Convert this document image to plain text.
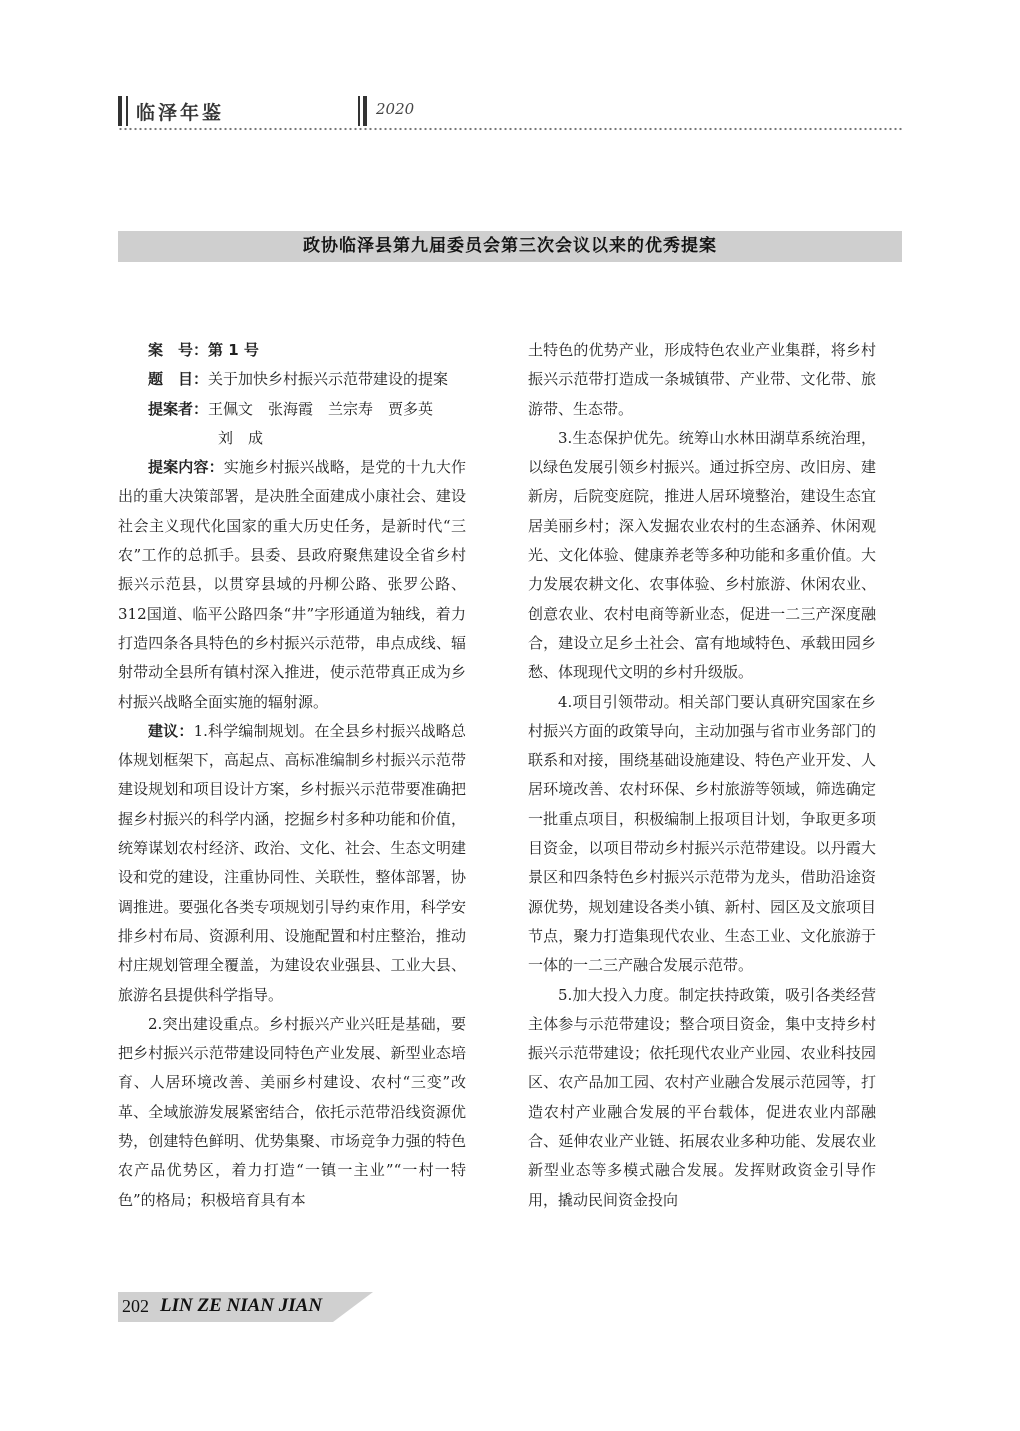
临泽年鉴	2020
政协临泽县第九届委员会第三次会议以来的优秀提案

案　号：第 1 号

题　目：关于加快乡村振兴示范带建设的提案

提案者：王佩文　张海霞　兰宗寿　贾多英

刘　成

提案内容：实施乡村振兴战略，是党的十九大作出的重大决策部署，是决胜全面建成小康社会、建设社会主义现代化国家的重大历史任务，是新时代“三农”工作的总抓手。县委、县政府聚焦建设全省乡村振兴示范县，以贯穿县域的丹柳公路、张罗公路、312国道、临平公路四条“井”字形通道为轴线，着力打造四条各具特色的乡村振兴示范带，串点成线、辐射带动全县所有镇村深入推进，使示范带真正成为乡村振兴战略全面实施的辐射源。

建议：1.科学编制规划。在全县乡村振兴战略总体规划框架下，高起点、高标准编制乡村振兴示范带建设规划和项目设计方案，乡村振兴示范带要准确把握乡村振兴的科学内涵，挖掘乡村多种功能和价值，统筹谋划农村经济、政治、文化、社会、生态文明建设和党的建设，注重协同性、关联性，整体部署，协调推进。要强化各类专项规划引导约束作用，科学安排乡村布局、资源利用、设施配置和村庄整治，推动村庄规划管理全覆盖，为建设农业强县、工业大县、旅游名县提供科学指导。

2.突出建设重点。乡村振兴产业兴旺是基础，要把乡村振兴示范带建设同特色产业发展、新型业态培育、人居环境改善、美丽乡村建设、农村“三变”改革、全域旅游发展紧密结合，依托示范带沿线资源优势，创建特色鲜明、优势集聚、市场竞争力强的特色农产品优势区，着力打造“一镇一主业”“一村一特色”的格局；积极培育具有本

土特色的优势产业，形成特色农业产业集群，将乡村振兴示范带打造成一条城镇带、产业带、文化带、旅游带、生态带。

3.生态保护优先。统筹山水林田湖草系统治理，以绿色发展引领乡村振兴。通过拆空房、改旧房、建新房，后院变庭院，推进人居环境整治，建设生态宜居美丽乡村；深入发掘农业农村的生态涵养、休闲观光、文化体验、健康养老等多种功能和多重价值。大力发展农耕文化、农事体验、乡村旅游、休闲农业、创意农业、农村电商等新业态，促进一二三产深度融合，建设立足乡土社会、富有地域特色、承载田园乡愁、体现现代文明的乡村升级版。

4.项目引领带动。相关部门要认真研究国家在乡村振兴方面的政策导向，主动加强与省市业务部门的联系和对接，围绕基础设施建设、特色产业开发、人居环境改善、农村环保、乡村旅游等领域，筛选确定一批重点项目，积极编制上报项目计划，争取更多项目资金，以项目带动乡村振兴示范带建设。以丹霞大景区和四条特色乡村振兴示范带为龙头，借助沿途资源优势，规划建设各类小镇、新村、园区及文旅项目节点，聚力打造集现代农业、生态工业、文化旅游于一体的一二三产融合发展示范带。

5.加大投入力度。制定扶持政策，吸引各类经营主体参与示范带建设；整合项目资金，集中支持乡村振兴示范带建设；依托现代农业产业园、农业科技园区、农产品加工园、农村产业融合发展示范园等，打造农村产业融合发展的平台载体，促进农业内部融合、延伸农业产业链、拓展农业多种功能、发展农业新型业态等多模式融合发展。发挥财政资金引导作用，撬动民间资金投向

202 LIN ZE NIAN JIAN
